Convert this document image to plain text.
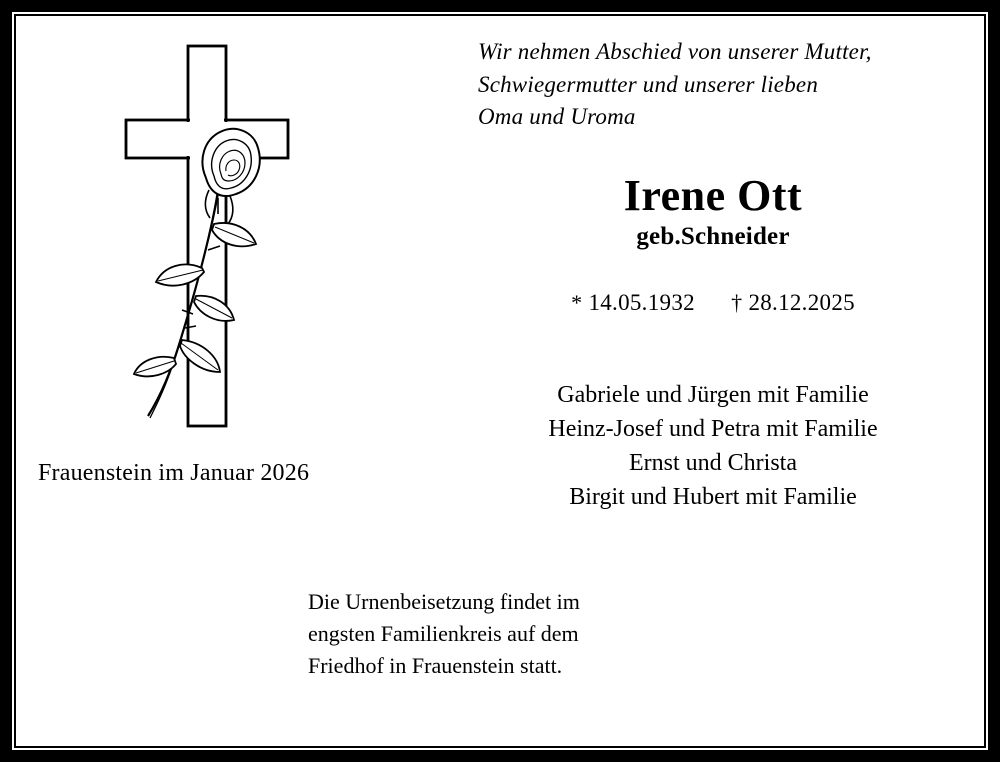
Wir nehmen Abschied von unserer Mutter,
Schwiegermutter und unserer lieben
Oma und Uroma
Irene Ott
geb.Schneider
* 14.05.1932 † 28.12.2025
Gabriele und Jürgen mit Familie
Heinz-Josef und Petra mit Familie
Ernst und Christa
Birgit und Hubert mit Familie
Frauenstein im Januar 2026
Die Urnenbeisetzung findet im
engsten Familienkreis auf dem
Friedhof in Frauenstein statt.
